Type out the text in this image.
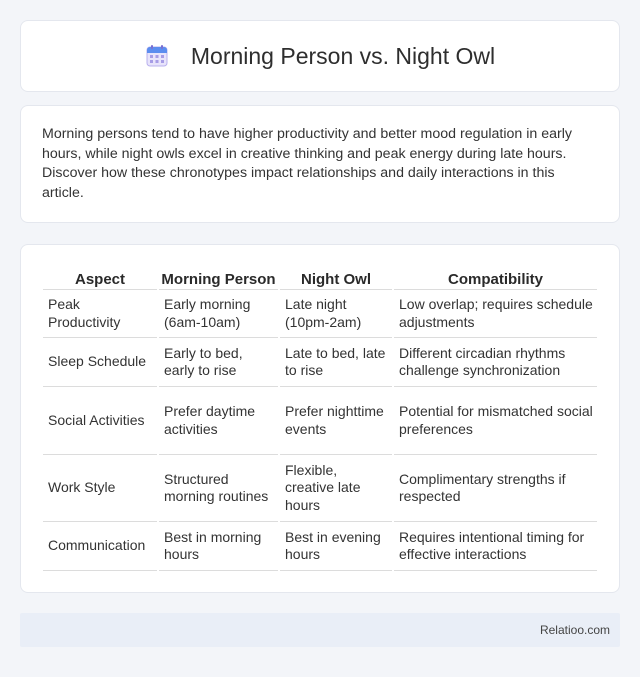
Morning Person vs. Night Owl

Morning persons tend to have higher productivity and better mood regulation in early hours, while night owls excel in creative thinking and peak energy during late hours. Discover how these chronotypes impact relationships and daily interactions in this article.

Aspect	Morning Person	Night Owl	Compatibility
Peak Productivity	Early morning (6am-10am)	Late night (10pm-2am)	Low overlap; requires schedule adjustments
Sleep Schedule	Early to bed, early to rise	Late to bed, late to rise	Different circadian rhythms challenge synchronization
Social Activities	Prefer daytime activities	Prefer nighttime events	Potential for mismatched social preferences
Work Style	Structured morning routines	Flexible, creative late hours	Complimentary strengths if respected
Communication	Best in morning hours	Best in evening hours	Requires intentional timing for effective interactions
Relatioo.com
